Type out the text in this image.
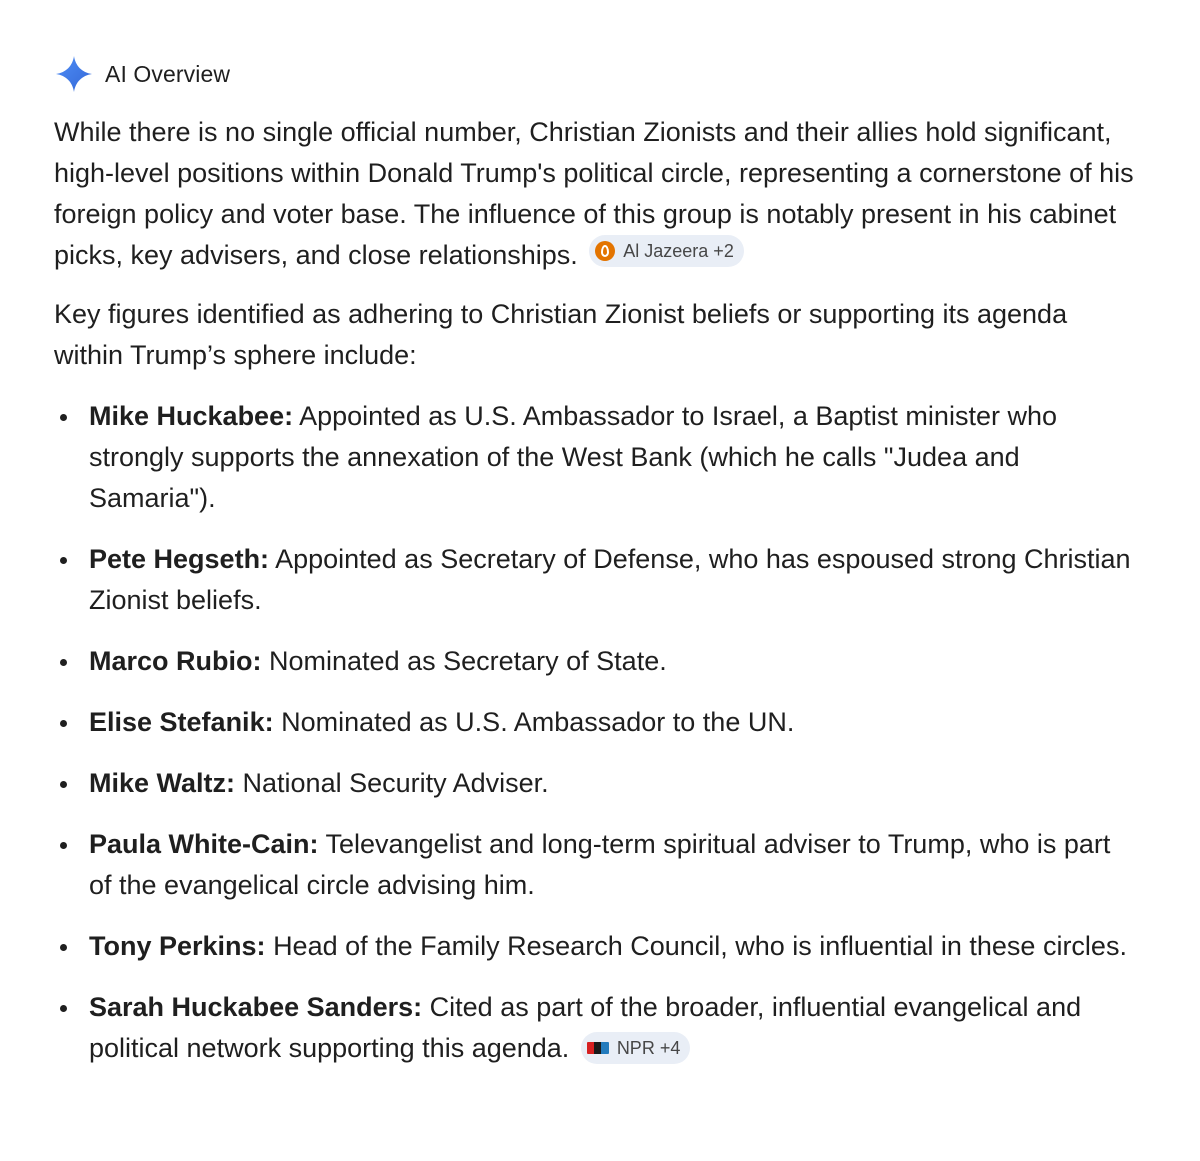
AI Overview

While there is no single official number, Christian Zionists and their allies hold significant, high-level positions within Donald Trump's political circle, representing a cornerstone of his foreign policy and voter base. The influence of this group is notably present in his cabinet picks, key advisers, and close relationships.	Al Jazeera +2

Key figures identified as adhering to Christian Zionist beliefs or supporting its agenda within Trump’s sphere include:

Mike Huckabee: Appointed as U.S. Ambassador to Israel, a Baptist minister who strongly supports the annexation of the West Bank (which he calls "Judea and Samaria").
Pete Hegseth: Appointed as Secretary of Defense, who has espoused strong Christian Zionist beliefs.
Marco Rubio: Nominated as Secretary of State.
Elise Stefanik: Nominated as U.S. Ambassador to the UN.
Mike Waltz: National Security Adviser.
Paula White-Cain: Televangelist and long-term spiritual adviser to Trump, who is part of the evangelical circle advising him.
Tony Perkins: Head of the Family Research Council, who is influential in these circles.
Sarah Huckabee Sanders: Cited as part of the broader, influential evangelical and political network supporting this agenda.	NPR +4
